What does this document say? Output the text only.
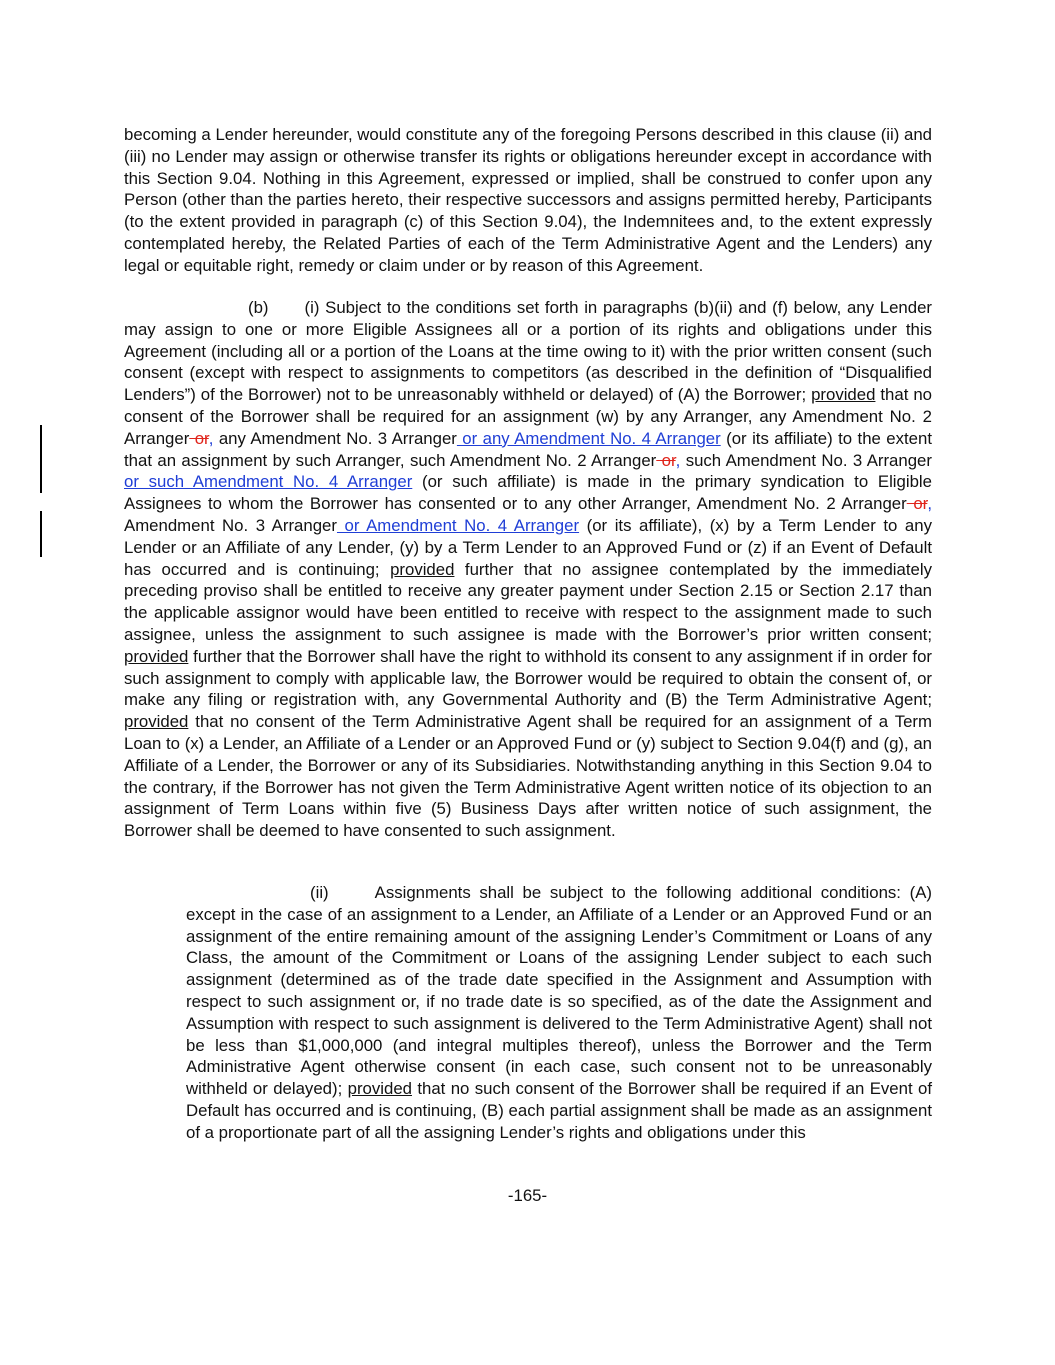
becoming a Lender hereunder, would constitute any of the foregoing Persons described in this clause (ii) and (iii) no Lender may assign or otherwise transfer its rights or obligations hereunder except in accordance with this Section 9.04. Nothing in this Agreement, expressed or implied, shall be construed to confer upon any Person (other than the parties hereto, their respective successors and assigns permitted hereby, Participants (to the extent provided in paragraph (c) of this Section 9.04), the Indemnitees and, to the extent expressly contemplated hereby, the Related Parties of each of the Term Administrative Agent and the Lenders) any legal or equitable right, remedy or claim under or by reason of this Agreement.

(b) (i) Subject to the conditions set forth in paragraphs (b)(ii) and (f) below, any Lender may assign to one or more Eligible Assignees all or a portion of its rights and obligations under this Agreement (including all or a portion of the Loans at the time owing to it) with the prior written consent (such consent (except with respect to assignments to competitors (as described in the definition of “Disqualified Lenders”) of the Borrower) not to be unreasonably withheld or delayed) of (A) the Borrower; provided that no consent of the Borrower shall be required for an assignment (w) by any Arranger, any Amendment No. 2 Arranger or, any Amendment No. 3 Arranger or any Amendment No. 4 Arranger (or its affiliate) to the extent that an assignment by such Arranger, such Amendment No. 2 Arranger or, such Amendment No. 3 Arranger or such Amendment No. 4 Arranger (or such affiliate) is made in the primary syndication to Eligible Assignees to whom the Borrower has consented or to any other Arranger, Amendment No. 2 Arranger or, Amendment No. 3 Arranger or Amendment No. 4 Arranger (or its affiliate), (x) by a Term Lender to any Lender or an Affiliate of any Lender, (y) by a Term Lender to an Approved Fund or (z) if an Event of Default has occurred and is continuing; provided further that no assignee contemplated by the immediately preceding proviso shall be entitled to receive any greater payment under Section 2.15 or Section 2.17 than the applicable assignor would have been entitled to receive with respect to the assignment made to such assignee, unless the assignment to such assignee is made with the Borrower’s prior written consent; provided further that the Borrower shall have the right to withhold its consent to any assignment if in order for such assignment to comply with applicable law, the Borrower would be required to obtain the consent of, or make any filing or registration with, any Governmental Authority and (B) the Term Administrative Agent; provided that no consent of the Term Administrative Agent shall be required for an assignment of a Term Loan to (x) a Lender, an Affiliate of a Lender or an Approved Fund or (y) subject to Section 9.04(f) and (g), an Affiliate of a Lender, the Borrower or any of its Subsidiaries. Notwithstanding anything in this Section 9.04 to the contrary, if the Borrower has not given the Term Administrative Agent written notice of its objection to an assignment of Term Loans within five (5) Business Days after written notice of such assignment, the Borrower shall be deemed to have consented to such assignment.

(ii)	Assignments shall be subject to the following additional conditions: (A) except in the case of an assignment to a Lender, an Affiliate of a Lender or an Approved Fund or an assignment of the entire remaining amount of the assigning Lender’s Commitment or Loans of any Class, the amount of the Commitment or Loans of the assigning Lender subject to each such assignment (determined as of the trade date specified in the Assignment and Assumption with respect to such assignment or, if no trade date is so specified, as of the date the Assignment and Assumption with respect to such assignment is delivered to the Term Administrative Agent) shall not be less than $1,000,000 (and integral multiples thereof), unless the Borrower and the Term Administrative Agent otherwise consent (in each case, such consent not to be unreasonably withheld or delayed); provided that no such consent of the Borrower shall be required if an Event of Default has occurred and is continuing, (B) each partial assignment shall be made as an assignment of a proportionate part of all the assigning Lender’s rights and obligations under this

-165-
